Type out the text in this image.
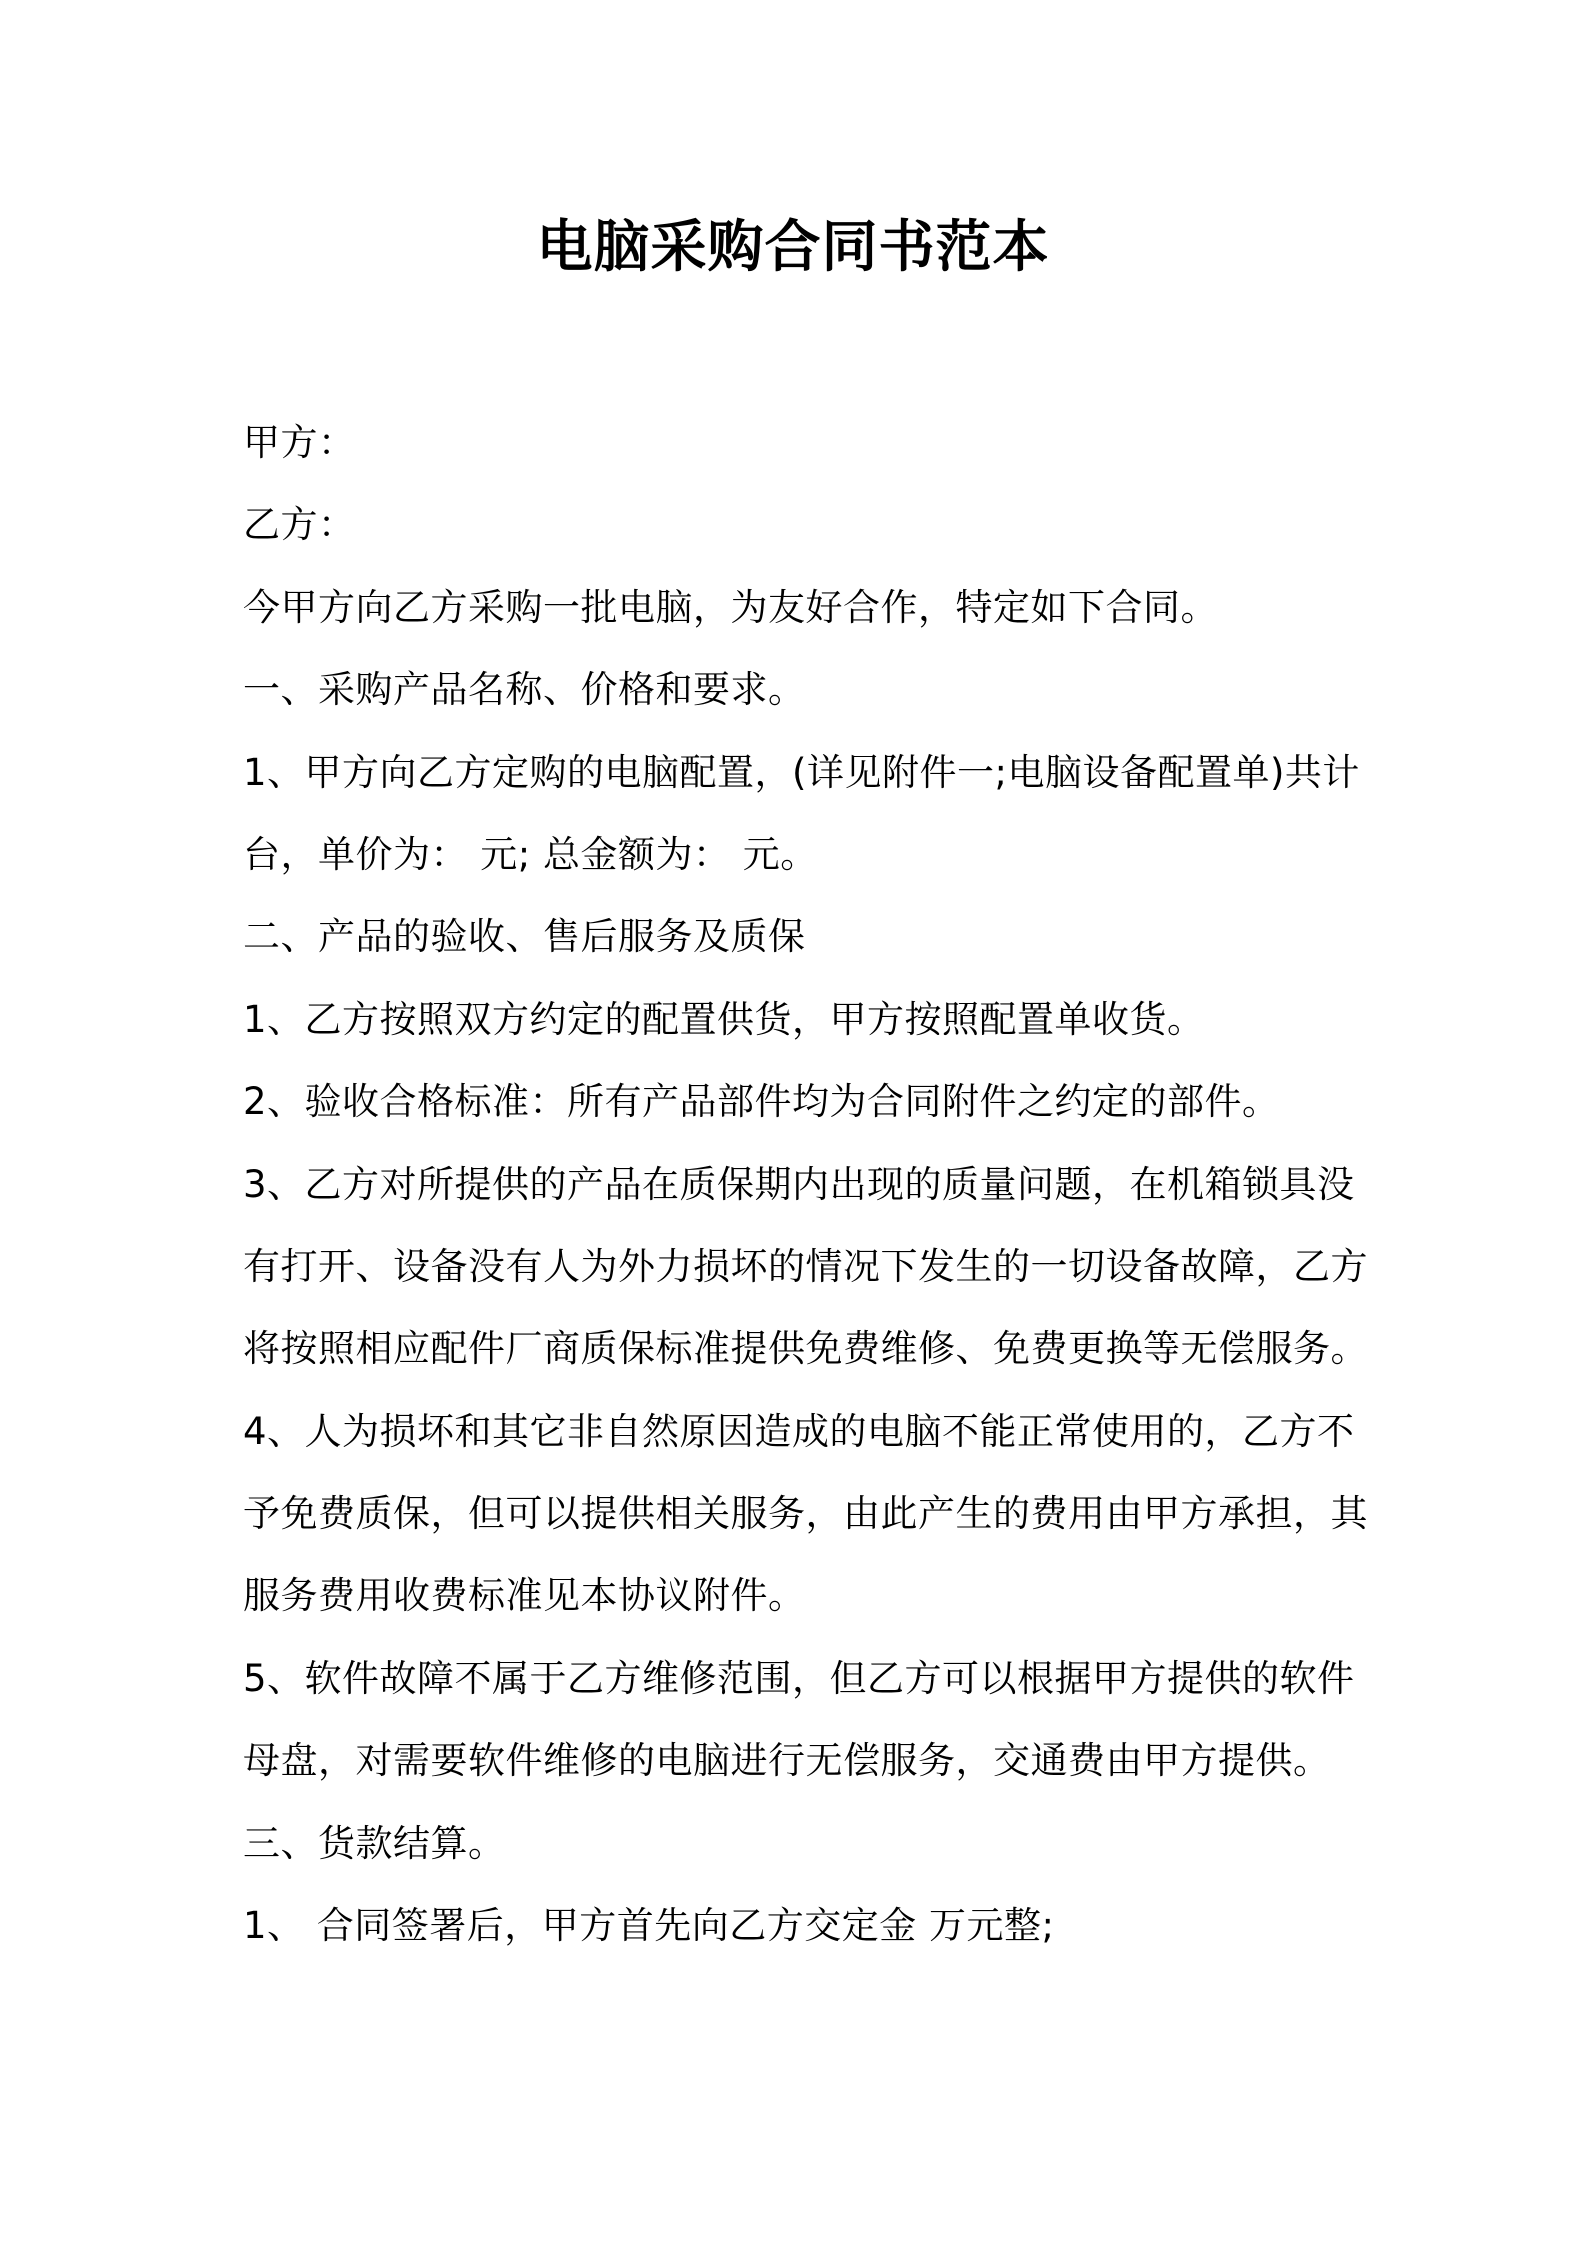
电脑采购合同书范本
甲方：
乙方：
今甲方向乙方采购一批电脑，为友好合作，特定如下合同。
一、采购产品名称、价格和要求。
1、甲方向乙方定购的电脑配置，(详见附件一;电脑设备配置单)共计
台，单价为： 元; 总金额为： 元。
二、产品的验收、售后服务及质保
1、乙方按照双方约定的配置供货，甲方按照配置单收货。
2、验收合格标准：所有产品部件均为合同附件之约定的部件。
3、乙方对所提供的产品在质保期内出现的质量问题，在机箱锁具没
有打开、设备没有人为外力损坏的情况下发生的一切设备故障，乙方
将按照相应配件厂商质保标准提供免费维修、免费更换等无偿服务。
4、人为损坏和其它非自然原因造成的电脑不能正常使用的，乙方不
予免费质保，但可以提供相关服务，由此产生的费用由甲方承担，其
服务费用收费标准见本协议附件。
5、软件故障不属于乙方维修范围，但乙方可以根据甲方提供的软件
母盘，对需要软件维修的电脑进行无偿服务，交通费由甲方提供。
三、货款结算。
1、 合同签署后，甲方首先向乙方交定金 万元整;
